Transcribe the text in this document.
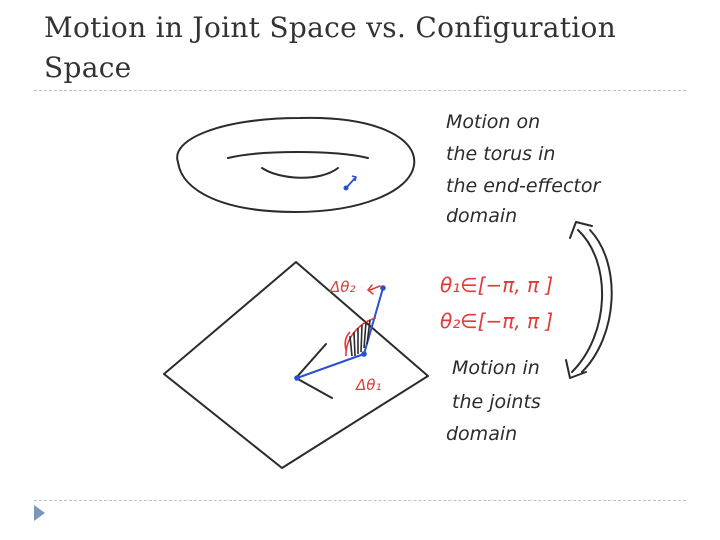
Motion in Joint Space vs. Configuration
Space
Δθ₂
Δθ₁
θ₁∈[−π, π ]
θ₂∈[−π, π ]
Motion on
the torus in
the end-effector
domain
Motion in
the joints
domain
